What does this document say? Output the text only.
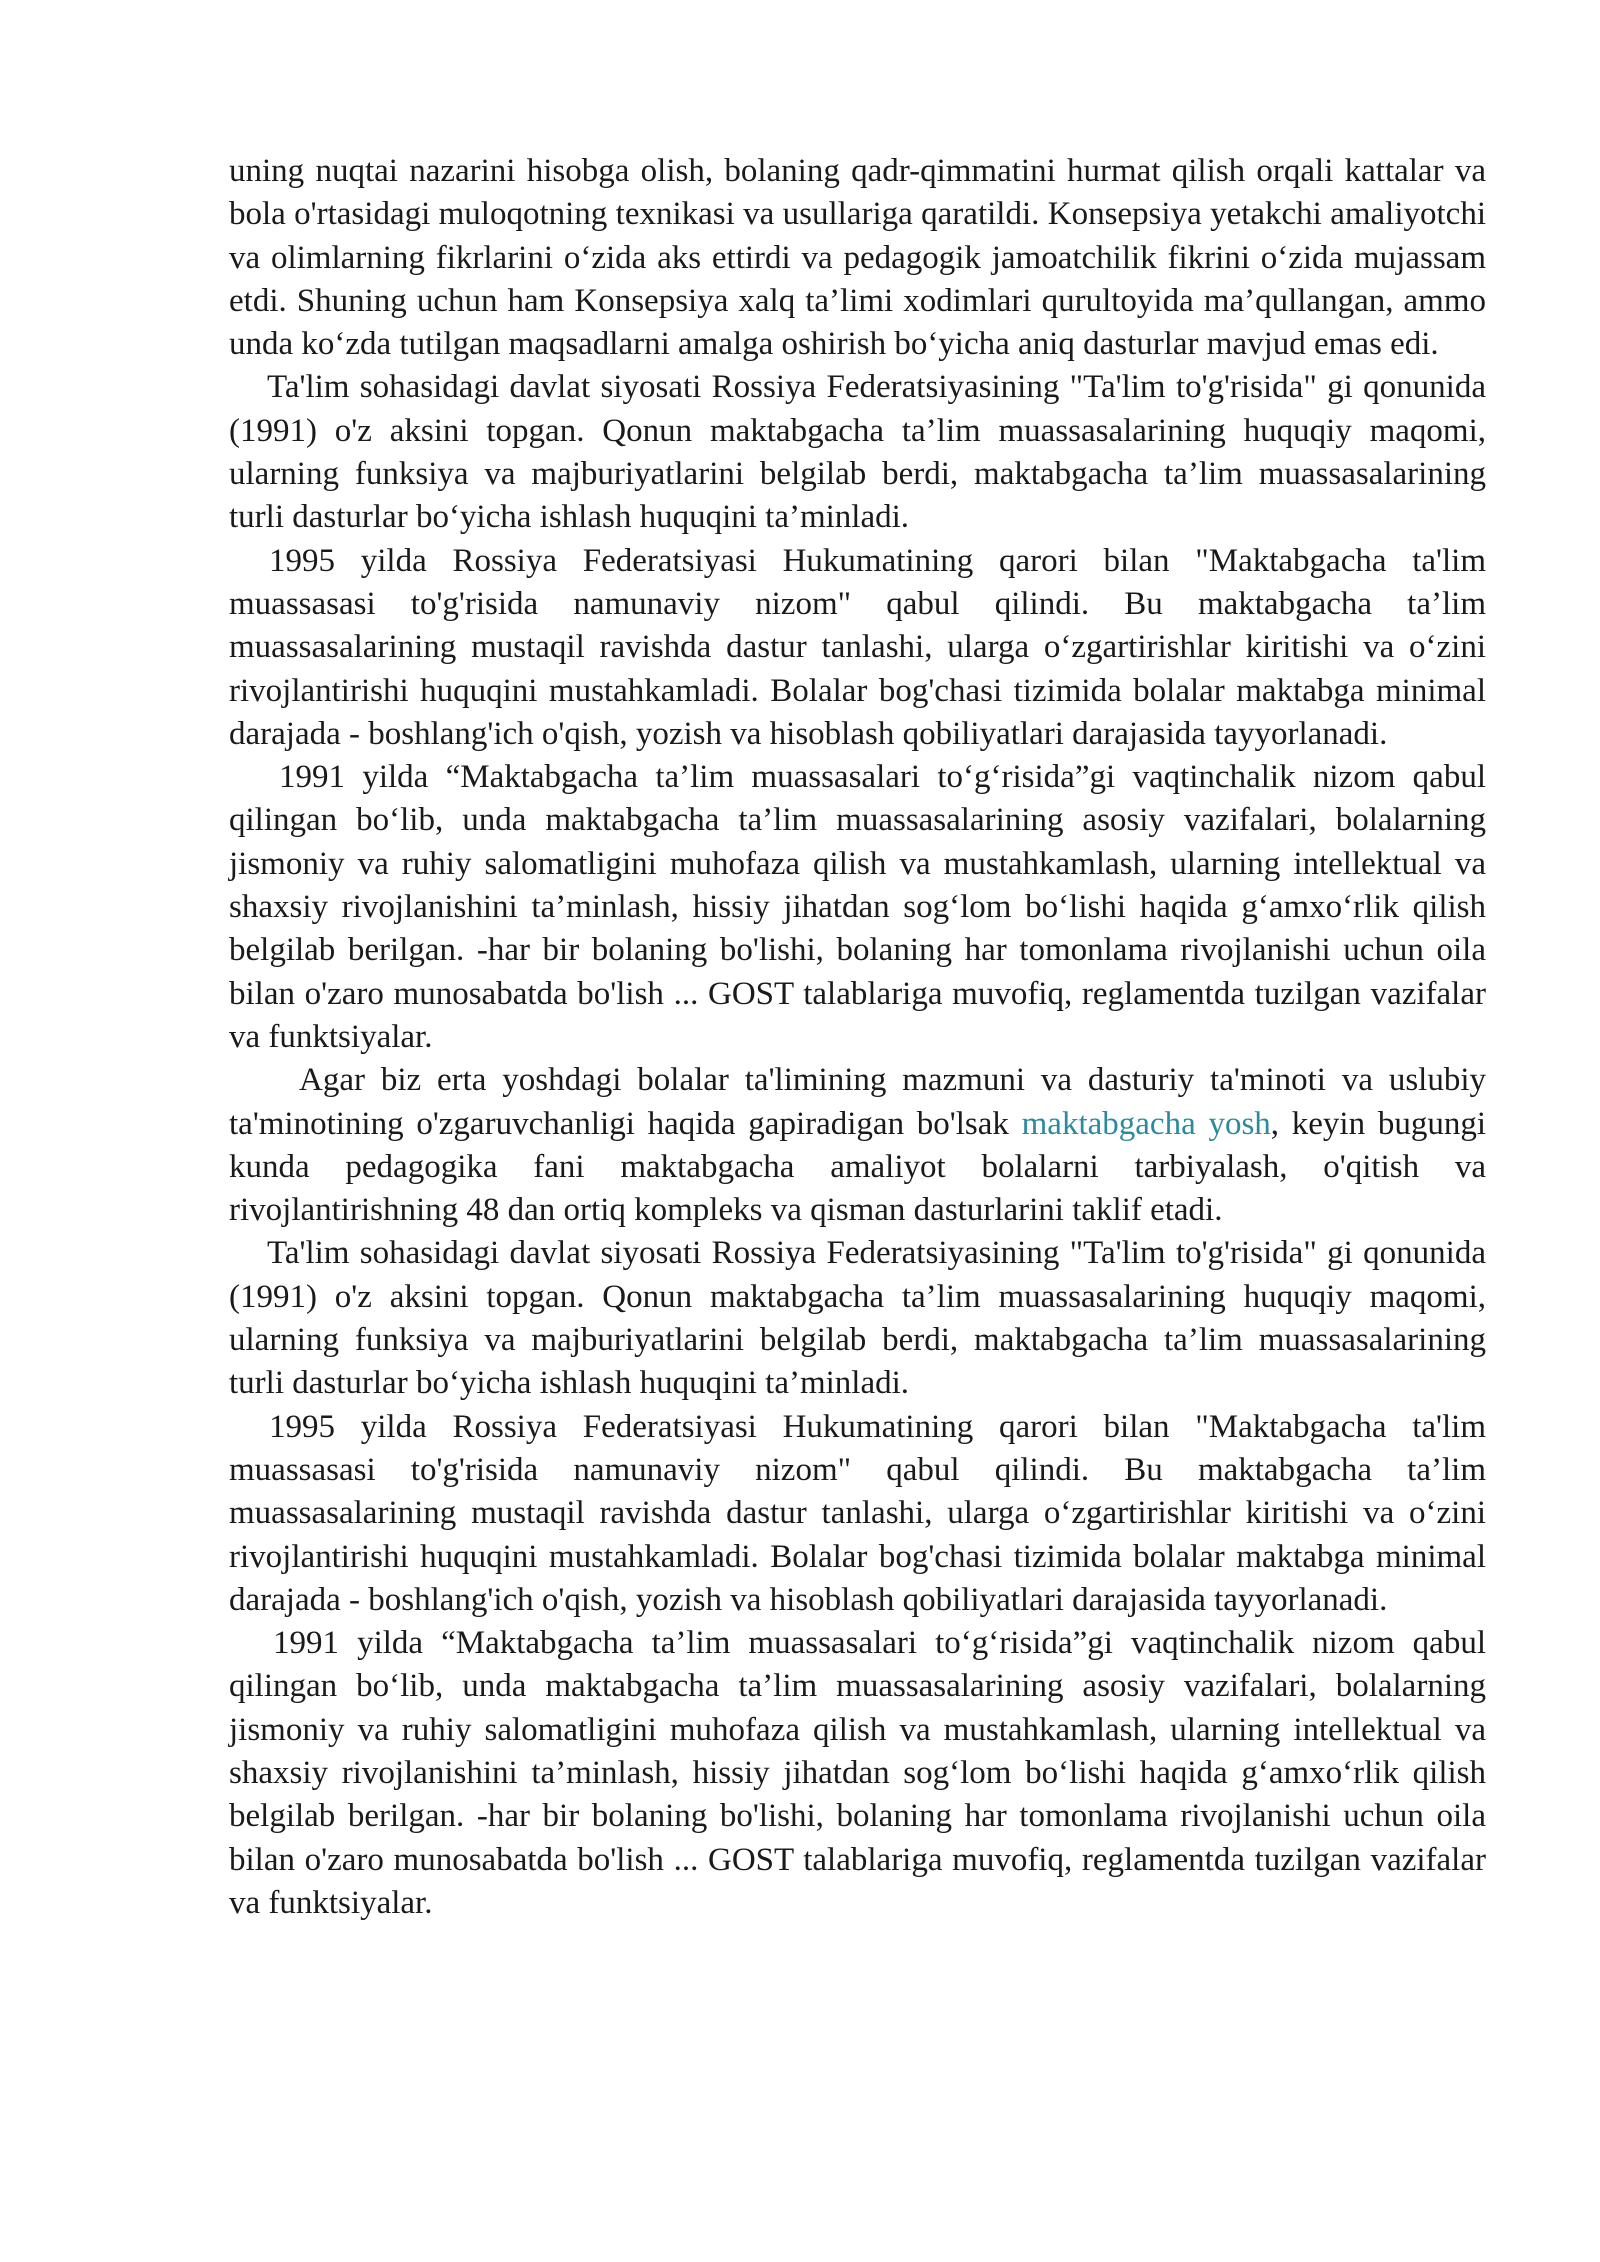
uning nuqtai nazarini hisobga olish, bolaning qadr-qimmatini hurmat qilish orqali kattalar va bola o'rtasidagi muloqotning texnikasi va usullariga qaratildi. Konsepsiya yetakchi amaliyotchi va olimlarning fikrlarini o‘zida aks ettirdi va pedagogik jamoatchilik fikrini o‘zida mujassam etdi. Shuning uchun ham Konsepsiya xalq ta’limi xodimlari qurultoyida ma’qullangan, ammo unda ko‘zda tutilgan maqsadlarni amalga oshirish bo‘yicha aniq dasturlar mavjud emas edi.

Ta'lim sohasidagi davlat siyosati Rossiya Federatsiyasining "Ta'lim to'g'risida" gi qonunida (1991) o'z aksini topgan. Qonun maktabgacha ta’lim muassasalarining huquqiy maqomi, ularning funksiya va majburiyatlarini belgilab berdi, maktabgacha ta’lim muassasalarining turli dasturlar bo‘yicha ishlash huquqini ta’minladi.

1995 yilda Rossiya Federatsiyasi Hukumatining qarori bilan "Maktabgacha ta'lim muassasasi to'g'risida namunaviy nizom" qabul qilindi. Bu maktabgacha ta’lim muassasalarining mustaqil ravishda dastur tanlashi, ularga o‘zgartirishlar kiritishi va o‘zini rivojlantirishi huquqini mustahkamladi. Bolalar bog'chasi tizimida bolalar maktabga minimal darajada - boshlang'ich o'qish, yozish va hisoblash qobiliyatlari darajasida tayyorlanadi.

1991 yilda “Maktabgacha ta’lim muassasalari to‘g‘risida”gi vaqtinchalik nizom qabul qilingan bo‘lib, unda maktabgacha ta’lim muassasalarining asosiy vazifalari, bolalarning jismoniy va ruhiy salomatligini muhofaza qilish va mustahkamlash, ularning intellektual va shaxsiy rivojlanishini ta’minlash, hissiy jihatdan sog‘lom bo‘lishi haqida g‘amxo‘rlik qilish belgilab berilgan. -har bir bolaning bo'lishi, bolaning har tomonlama rivojlanishi uchun oila bilan o'zaro munosabatda bo'lish ... GOST talablariga muvofiq, reglamentda tuzilgan vazifalar va funktsiyalar.

Agar biz erta yoshdagi bolalar ta'limining mazmuni va dasturiy ta'minoti va uslubiy ta'minotining o'zgaruvchanligi haqida gapiradigan bo'lsak maktabgacha yosh, keyin bugungi kunda pedagogika fani maktabgacha amaliyot bolalarni tarbiyalash, o'qitish va rivojlantirishning 48 dan ortiq kompleks va qisman dasturlarini taklif etadi.

Ta'lim sohasidagi davlat siyosati Rossiya Federatsiyasining "Ta'lim to'g'risida" gi qonunida (1991) o'z aksini topgan. Qonun maktabgacha ta’lim muassasalarining huquqiy maqomi, ularning funksiya va majburiyatlarini belgilab berdi, maktabgacha ta’lim muassasalarining turli dasturlar bo‘yicha ishlash huquqini ta’minladi.

1995 yilda Rossiya Federatsiyasi Hukumatining qarori bilan "Maktabgacha ta'lim muassasasi to'g'risida namunaviy nizom" qabul qilindi. Bu maktabgacha ta’lim muassasalarining mustaqil ravishda dastur tanlashi, ularga o‘zgartirishlar kiritishi va o‘zini rivojlantirishi huquqini mustahkamladi. Bolalar bog'chasi tizimida bolalar maktabga minimal darajada - boshlang'ich o'qish, yozish va hisoblash qobiliyatlari darajasida tayyorlanadi.

1991 yilda “Maktabgacha ta’lim muassasalari to‘g‘risida”gi vaqtinchalik nizom qabul qilingan bo‘lib, unda maktabgacha ta’lim muassasalarining asosiy vazifalari, bolalarning jismoniy va ruhiy salomatligini muhofaza qilish va mustahkamlash, ularning intellektual va shaxsiy rivojlanishini ta’minlash, hissiy jihatdan sog‘lom bo‘lishi haqida g‘amxo‘rlik qilish belgilab berilgan. -har bir bolaning bo'lishi, bolaning har tomonlama rivojlanishi uchun oila bilan o'zaro munosabatda bo'lish ... GOST talablariga muvofiq, reglamentda tuzilgan vazifalar va funktsiyalar.
